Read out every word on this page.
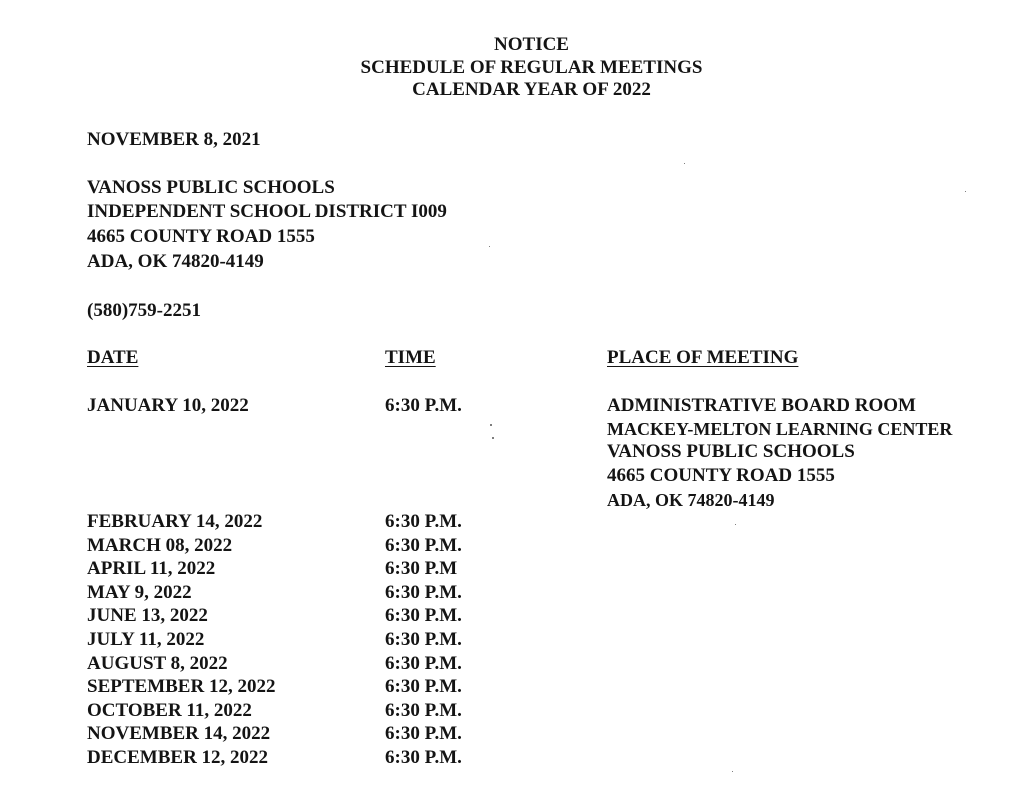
NOTICE
SCHEDULE OF REGULAR MEETINGS
CALENDAR YEAR OF 2022
NOVEMBER 8, 2021
VANOSS PUBLIC SCHOOLS
INDEPENDENT SCHOOL DISTRICT I009
4665 COUNTY ROAD 1555
ADA, OK 74820-4149
(580)759-2251
DATE	TIME	PLACE OF MEETING
JANUARY 10, 2022	6:30 P.M.	ADMINISTRATIVE BOARD ROOM
MACKEY-MELTON LEARNING CENTER
VANOSS PUBLIC SCHOOLS
4665 COUNTY ROAD 1555
ADA, OK 74820-4149
FEBRUARY 14, 2022	6:30 P.M.
MARCH 08, 2022	6:30 P.M.
APRIL 11, 2022	6:30 P.M
MAY 9, 2022	6:30 P.M.
JUNE 13, 2022	6:30 P.M.
JULY 11, 2022	6:30 P.M.
AUGUST 8, 2022	6:30 P.M.
SEPTEMBER 12, 2022	6:30 P.M.
OCTOBER 11, 2022	6:30 P.M.
NOVEMBER 14, 2022	6:30 P.M.
DECEMBER 12, 2022	6:30 P.M.
